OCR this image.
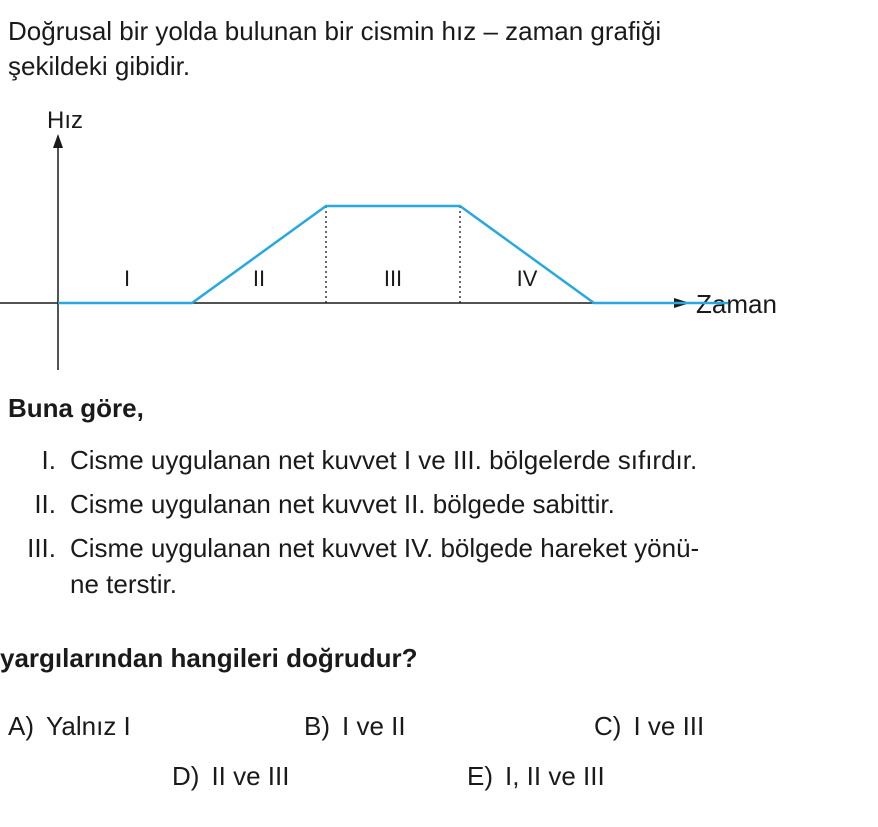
Doğrusal bir yolda bulunan bir cismin hız – zaman grafiği
şekildeki gibidir.
Hız
Zaman
I	II	III	IV
Buna göre,
I. Cisme uygulanan net kuvvet I ve III. bölgelerde sıfırdır.
II. Cisme uygulanan net kuvvet II. bölgede sabittir.
III. Cisme uygulanan net kuvvet IV. bölgede hareket yönü-
ne terstir.
yargılarından hangileri doğrudur?
A) Yalnız I	B) I ve II	C) I ve III
D) II ve III	E) I, II ve III
